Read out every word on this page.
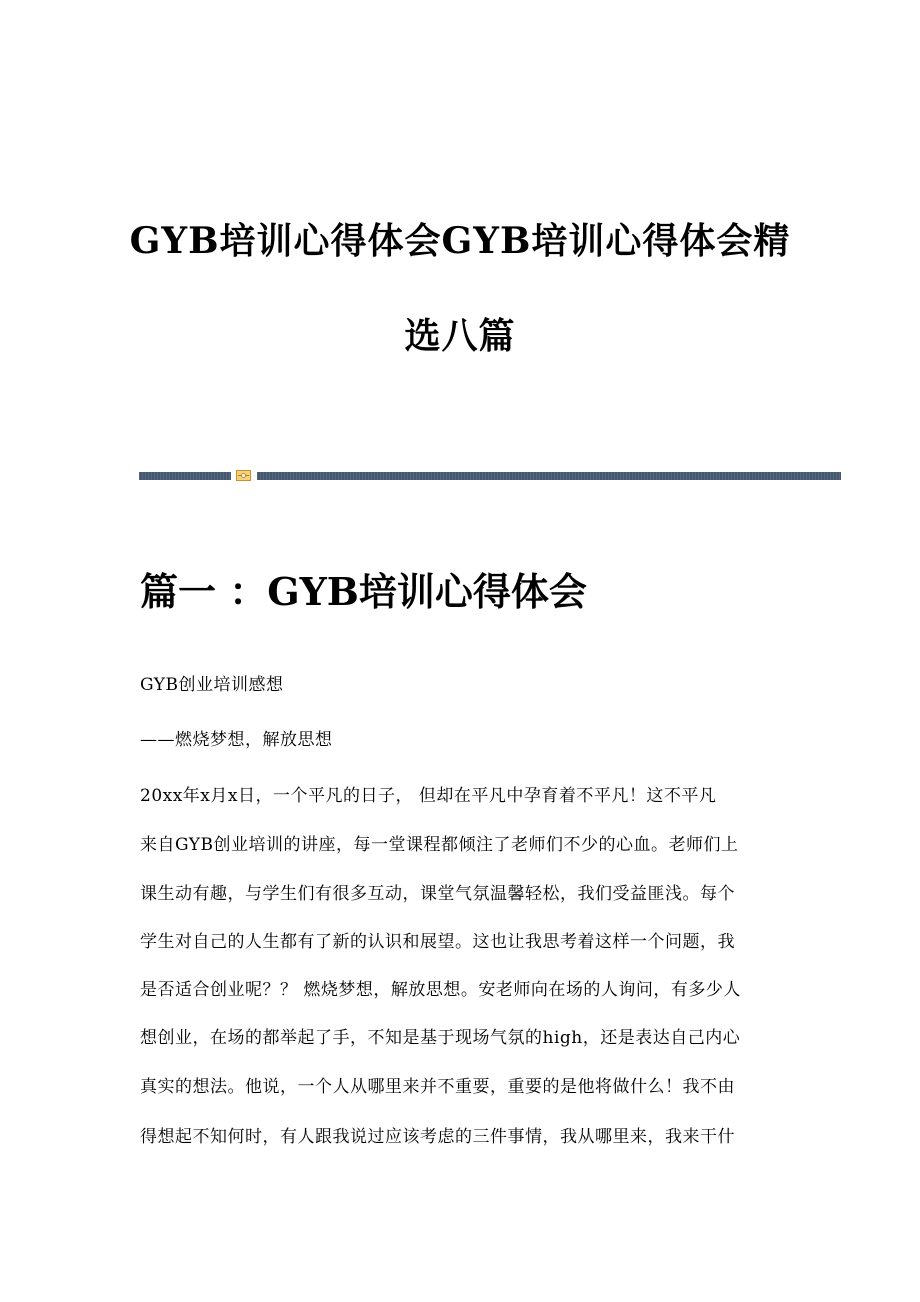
GYB培训心得体会GYB培训心得体会精
选八篇
篇一 ：GYB培训心得体会

GYB创业培训感想

——燃烧梦想，解放思想

20xx年x月x日，一个平凡的日子， 但却在平凡中孕育着不平凡！这不平凡

来自GYB创业培训的讲座，每一堂课程都倾注了老师们不少的心血。老师们上

课生动有趣，与学生们有很多互动，课堂气氛温馨轻松，我们受益匪浅。每个

学生对自己的人生都有了新的认识和展望。这也让我思考着这样一个问题，我

是否适合创业呢？？ 燃烧梦想，解放思想。安老师向在场的人询问，有多少人

想创业，在场的都举起了手，不知是基于现场气氛的high，还是表达自己内心

真实的想法。他说，一个人从哪里来并不重要，重要的是他将做什么！我不由

得想起不知何时，有人跟我说过应该考虑的三件事情，我从哪里来，我来干什
